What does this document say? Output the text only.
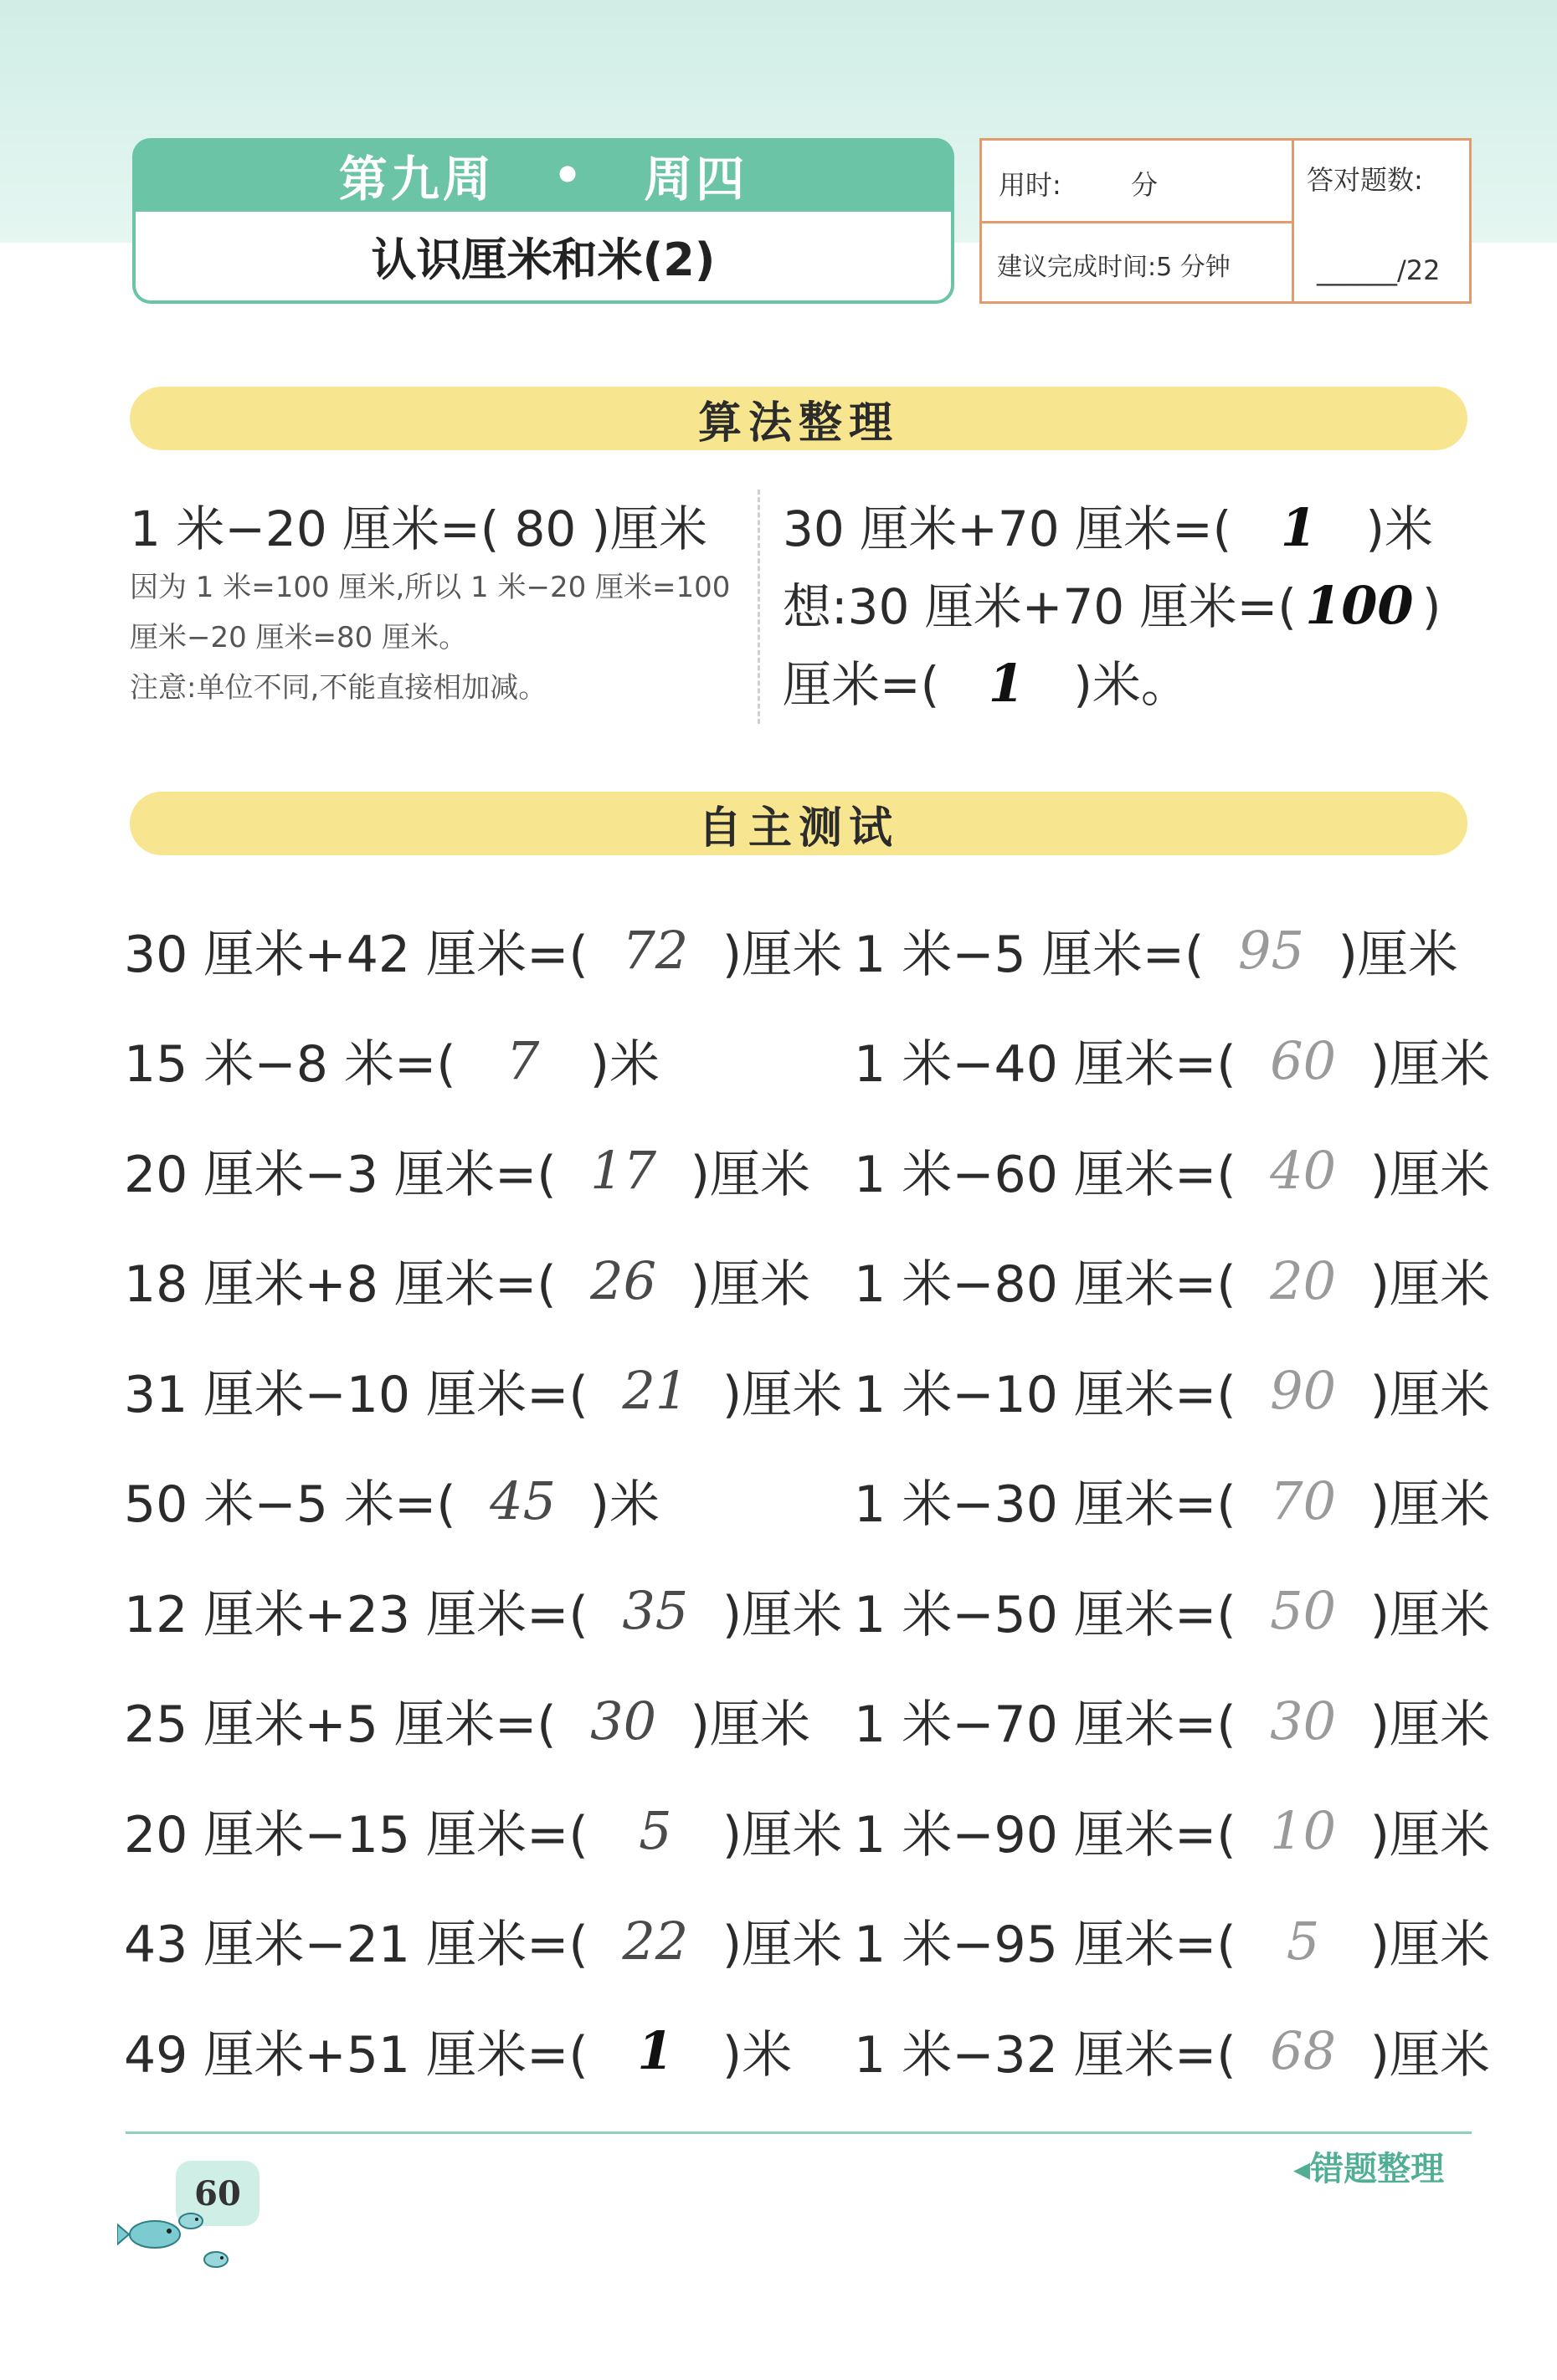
第九周 • 周四
认识厘米和米(2)
用时:	分
建议完成时间:5 分钟
答对题数:
______/22
算法整理
1 米−20 厘米=( 80 )厘米
因为 1 米=100 厘米,所以 1 米−20 厘米=100
厘米−20 厘米=80 厘米。
注意:单位不同,不能直接相加减。
30 厘米+70 厘米=( 1 )米
想:30 厘米+70 厘米=( 100 )
厘米=( 1 )米。
自主测试
30 厘米+42 厘米=( 72 )厘米
15 米−8 米=( 7	)米
20 厘米−3 厘米=( 17 )厘米
18 厘米+8 厘米=( 26 )厘米
31 厘米−10 厘米=( 21 )厘米
50 米−5 米=( 45 )米
12 厘米+23 厘米=( 35 )厘米
25 厘米+5 厘米=( 30 )厘米
20 厘米−15 厘米=( 5	)厘米
43 厘米−21 厘米=( 22 )厘米
49 厘米+51 厘米=( 1 )米
1 米−5 厘米=( 95 )厘米
1 米−40 厘米=( 60 )厘米
1 米−60 厘米=( 40 )厘米
1 米−80 厘米=( 20 )厘米
1 米−10 厘米=( 90 )厘米
1 米−30 厘米=( 70 )厘米
1 米−50 厘米=( 50 )厘米
1 米−70 厘米=( 30 )厘米
1 米−90 厘米=( 10 )厘米
1 米−95 厘米=( 5	)厘米
1 米−32 厘米=( 68 )厘米
◂错题整理
60
